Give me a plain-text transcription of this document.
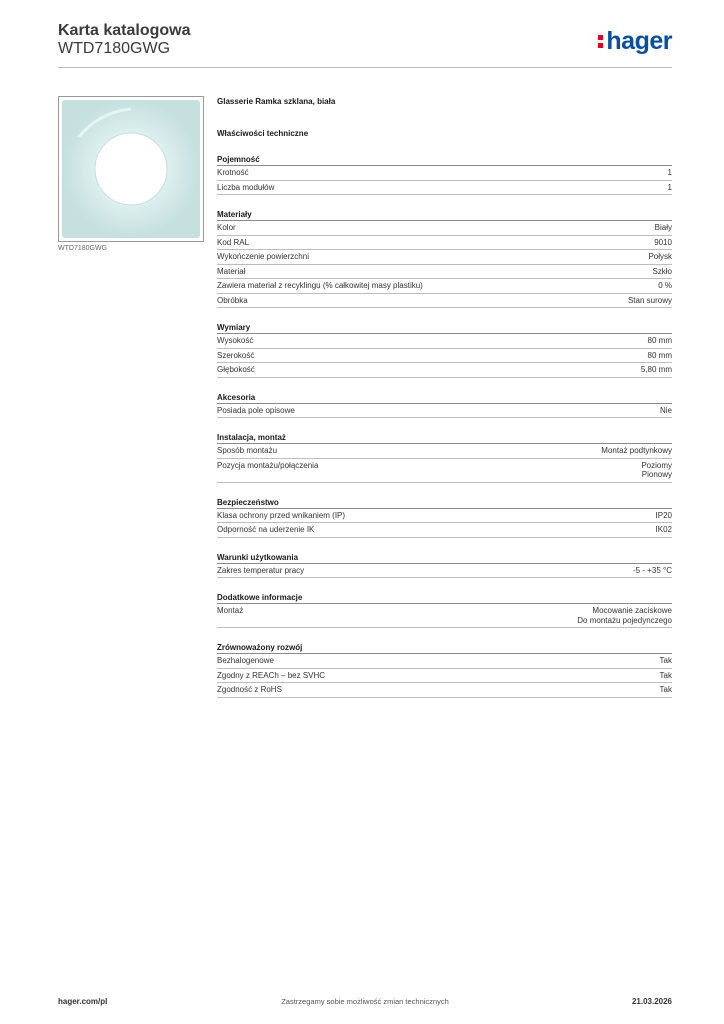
Karta katalogowa
WTD7180GWG	hager
WTD7180GWG
Glasserie Ramka szklana, biała
Właściwości techniczne
Pojemność
Krotność	1
Liczba modułów	1
Materiały
Kolor	Biały
Kod RAL	9010
Wykończenie powierzchni	Połysk
Materiał	Szkło
Zawiera materiał z recyklingu (% całkowitej masy plastiku)	0 %
Obróbka	Stan surowy
Wymiary
Wysokość	80 mm
Szerokość	80 mm
Głębokość	5,80 mm
Akcesoria
Posiada pole opisowe	Nie
Instalacja, montaż
Sposób montażu	Montaż podtynkowy
Pozycja montażu/połączenia	Poziomy
Pionowy
Bezpieczeństwo
Klasa ochrony przed wnikaniem (IP)	IP20
Odporność na uderzenie IK	IK02
Warunki użytkowania
Zakres temperatur pracy	-5 - +35 °C
Dodatkowe informacje
Montaż	Mocowanie zaciskowe
Do montażu pojedynczego
Zrównoważony rozwój
Bezhalogenowe	Tak
Zgodny z REACh – bez SVHC	Tak
Zgodność z RoHS	Tak
Zastrzegamy sobie możliwość zmian technicznych
hager.com/pl	21.03.2026
